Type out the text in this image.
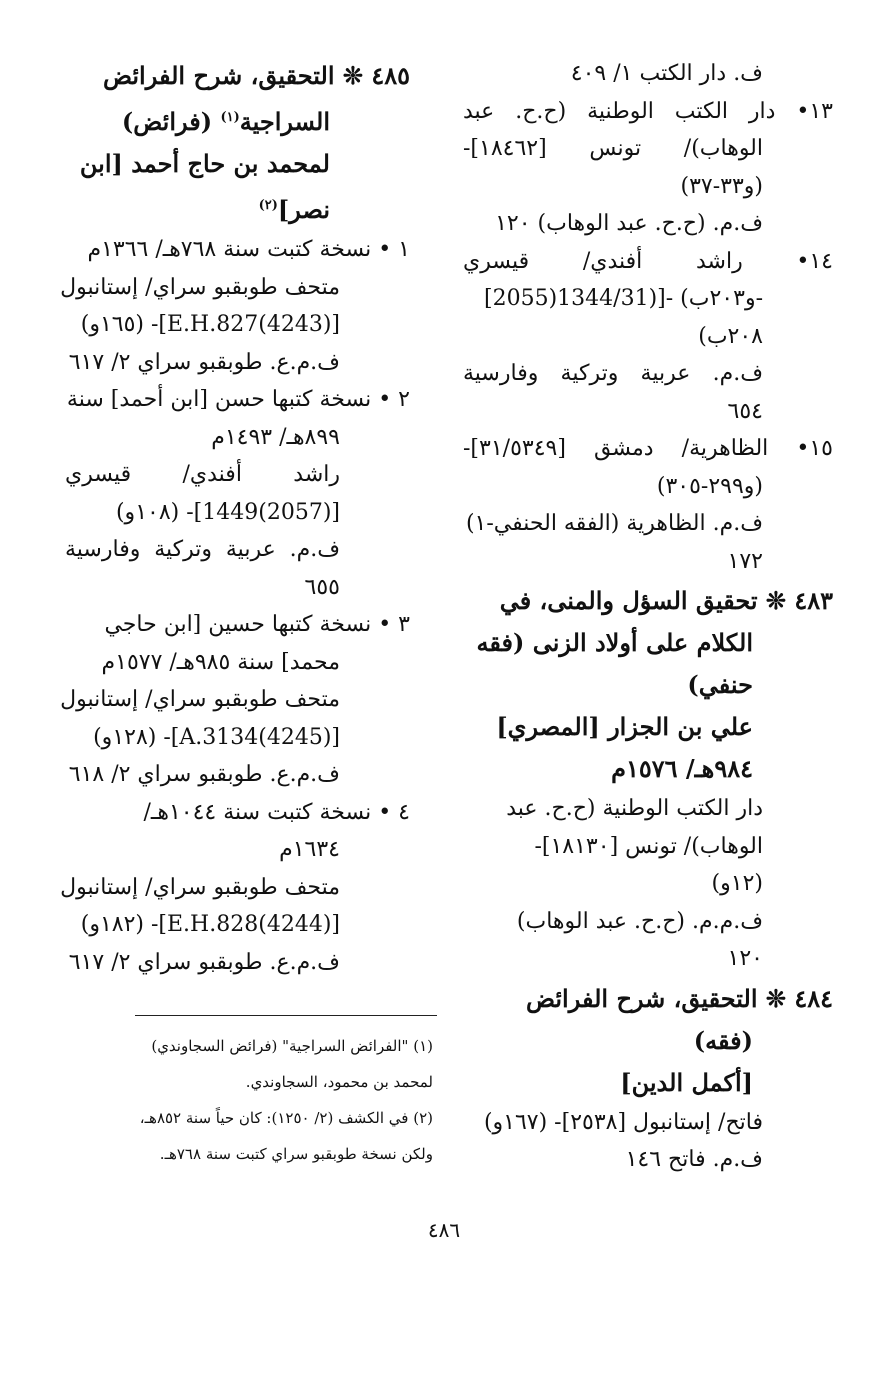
ف. دار الكتب ١/ ٤٠٩
١٣• دار الكتب الوطنية (ح.ح. عبد
الوهاب)/ تونس [١٨٤٦٢]-
(و٣٣-٣٧)
ف.م. (ح.ح. عبد الوهاب) ١٢٠
١٤• راشد أفندي/ قيسري
[2055)1344/31)]- (و٢٠٣ب-
٢٠٨ب)
ف.م. عربية وتركية وفارسية
٦٥٤
١٥• الظاهرية/ دمشق [٣١/٥٣٤٩]-
(و٢٩٩-٣٠٥)
ف.م. الظاهرية (الفقه الحنفي-١)
١٧٢
٤٨٣ ❊ تحقيق السؤل والمنى، في
الكلام على أولاد الزنى (فقه
حنفي)
علي بن الجزار [المصري]
٩٨٤هـ/ ١٥٧٦م
دار الكتب الوطنية (ح.ح. عبد
الوهاب)/ تونس [١٨١٣٠]-
(١٢و)
ف.م.م. (ح.ح. عبد الوهاب)
١٢٠
٤٨٤ ❊ التحقيق، شرح الفرائض
(فقه)
[أكمل الدين]
فاتح/ إستانبول [٢٥٣٨]- (١٦٧و)
ف.م. فاتح ١٤٦
٤٨٥ ❊ التحقيق، شرح الفرائض
السراجية$^{(١)}$ (فرائض)
لمحمد بن حاج أحمد [ابن
نصر]$^{(٢)}$
١ • نسخة كتبت سنة ٧٦٨هـ/ ١٣٦٦م
متحف طوبقبو سراي/ إستانبول
[(4243)E.H.827]- (١٦٥و)
ف.م.ع. طوبقبو سراي ٢/ ٦١٧
٢ • نسخة كتبها حسن [ابن أحمد] سنة
٨٩٩هـ/ ١٤٩٣م
راشد أفندي/ قيسري
[(2057)1449]- (١٠٨و)
ف.م. عربية وتركية وفارسية
٦٥٥
٣ • نسخة كتبها حسين [ابن حاجي
محمد] سنة ٩٨٥هـ/ ١٥٧٧م
متحف طوبقبو سراي/ إستانبول
[(4245)A.3134]- (١٢٨و)
ف.م.ع. طوبقبو سراي ٢/ ٦١٨
٤ • نسخة كتبت سنة ١٠٤٤هـ/
١٦٣٤م
متحف طوبقبو سراي/ إستانبول
[(4244)E.H.828]- (١٨٢و)
ف.م.ع. طوبقبو سراي ٢/ ٦١٧
(١) "الفرائض السراجية" (فرائض السجاوندي)
لمحمد بن محمود، السجاوندي.
(٢) في الكشف (٢/ ١٢٥٠): كان حياً سنة ٨٥٢هـ،
ولكن نسخة طوبقبو سراي كتبت سنة ٧٦٨هـ.
٤٨٦
